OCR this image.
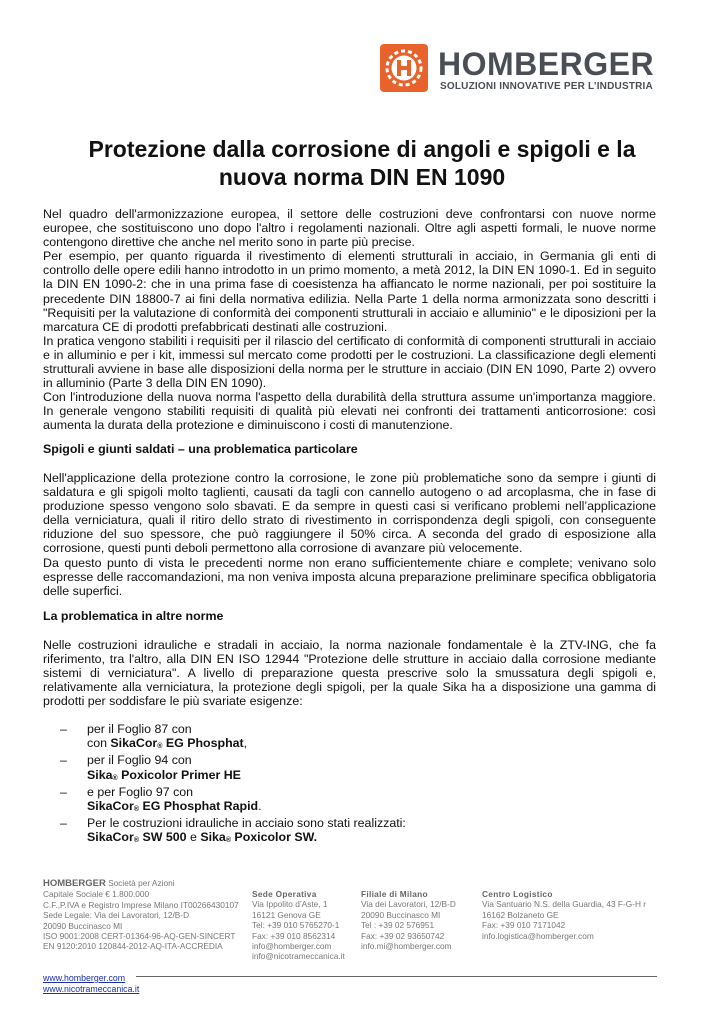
HOMBERGER
SOLUZIONI INNOVATIVE PER L’INDUSTRIA
Protezione dalla corrosione di angoli e spigoli e la
nuova norma DIN EN 1090

Nel quadro dell'armonizzazione europea, il settore delle costruzioni deve confrontarsi con nuove norme europee, che sostituiscono uno dopo l'altro i regolamenti nazionali. Oltre agli aspetti formali, le nuove norme contengono direttive che anche nel merito sono in parte più precise.

Per esempio, per quanto riguarda il rivestimento di elementi strutturali in acciaio, in Germania gli enti di controllo delle opere edili hanno introdotto in un primo momento, a metà 2012, la DIN EN 1090-1. Ed in seguito la DIN EN 1090-2: che in una prima fase di coesistenza ha affiancato le norme nazionali, per poi sostituire la precedente DIN 18800-7 ai fini della normativa edilizia. Nella Parte 1 della norma armonizzata sono descritti i "Requisiti per la valutazione di conformità dei componenti strutturali in acciaio e alluminio" e le diposizioni per la marcatura CE di prodotti prefabbricati destinati alle costruzioni.

In pratica vengono stabiliti i requisiti per il rilascio del certificato di conformità di componenti strutturali in acciaio e in alluminio e per i kit, immessi sul mercato come prodotti per le costruzioni. La classificazione degli elementi strutturali avviene in base alle disposizioni della norma per le strutture in acciaio (DIN EN 1090, Parte 2) ovvero in alluminio (Parte 3 della DIN EN 1090).

Con l'introduzione della nuova norma l'aspetto della durabilità della struttura assume un'importanza maggiore. In generale vengono stabiliti requisiti di qualità più elevati nei confronti dei trattamenti anticorrosione: così aumenta la durata della protezione e diminuiscono i costi di manutenzione.

Spigoli e giunti saldati – una problematica particolare

Nell'applicazione della protezione contro la corrosione, le zone più problematiche sono da sempre i giunti di saldatura e gli spigoli molto taglienti, causati da tagli con cannello autogeno o ad arcoplasma, che in fase di produzione spesso vengono solo sbavati. E da sempre in questi casi si verificano problemi nell’applicazione della verniciatura, quali il ritiro dello strato di rivestimento in corrispondenza degli spigoli, con conseguente riduzione del suo spessore, che può raggiungere il 50% circa. A seconda del grado di esposizione alla corrosione, questi punti deboli permettono alla corrosione di avanzare più velocemente.

Da questo punto di vista le precedenti norme non erano sufficientemente chiare e complete; venivano solo espresse delle raccomandazioni, ma non veniva imposta alcuna preparazione preliminare specifica obbligatoria delle superfici.

La problematica in altre norme

Nelle costruzioni idrauliche e stradali in acciaio, la norma nazionale fondamentale è la ZTV-ING, che fa riferimento, tra l'altro, alla DIN EN ISO 12944 "Protezione delle strutture in acciaio dalla corrosione mediante sistemi di verniciatura". A livello di preparazione questa prescrive solo la smussatura degli spigoli e, relativamente alla verniciatura, la protezione degli spigoli, per la quale Sika ha a disposizione una gamma di prodotti per soddisfare le più svariate esigenze:

– per il Foglio 87 con
con SikaCor$_®$ EG Phosphat,
– per il Foglio 94 con
Sika$_®$ Poxicolor Primer HE
– e per Foglio 97 con
SikaCor$_®$ EG Phosphat Rapid.
– Per le costruzioni idrauliche in acciaio sono stati realizzati:
SikaCor$_®$ SW 500 e Sika$_®$ Poxicolor SW.
HOMBERGER Società per Azioni
Capitale Sociale € 1.800.000
C.F.,P.IVA e Registro Imprese Milano IT00266430107
Sede Legale: Via dei Lavoratori, 12/B-D
20090 Buccinasco MI
ISO 9001:2008 CERT-01364-96-AQ-GEN-SINCERT
EN 9120:2010 120844-2012-AQ-ITA-ACCREDIA
Sede Operativa
Via Ippolito d’Aste, 1
16121 Genova GE
Tel: +39 010 5765270-1
Fax: +39 010 8562314
info@homberger.com
info@nicotrameccanica.it
Filiale di Milano
Via dei Lavoratori, 12/B-D
20090 Buccinasco MI
Tel : +39 02 576951
Fax: +39 02 93650742
info.mi@homberger.com
Centro Logistico
Via Santuario N.S. della Guardia, 43 F-G-H r
16162 Bolzaneto GE
Fax: +39 010 7171042
info.logistica@homberger.com
www.homberger.com
www.nicotrameccanica.it
